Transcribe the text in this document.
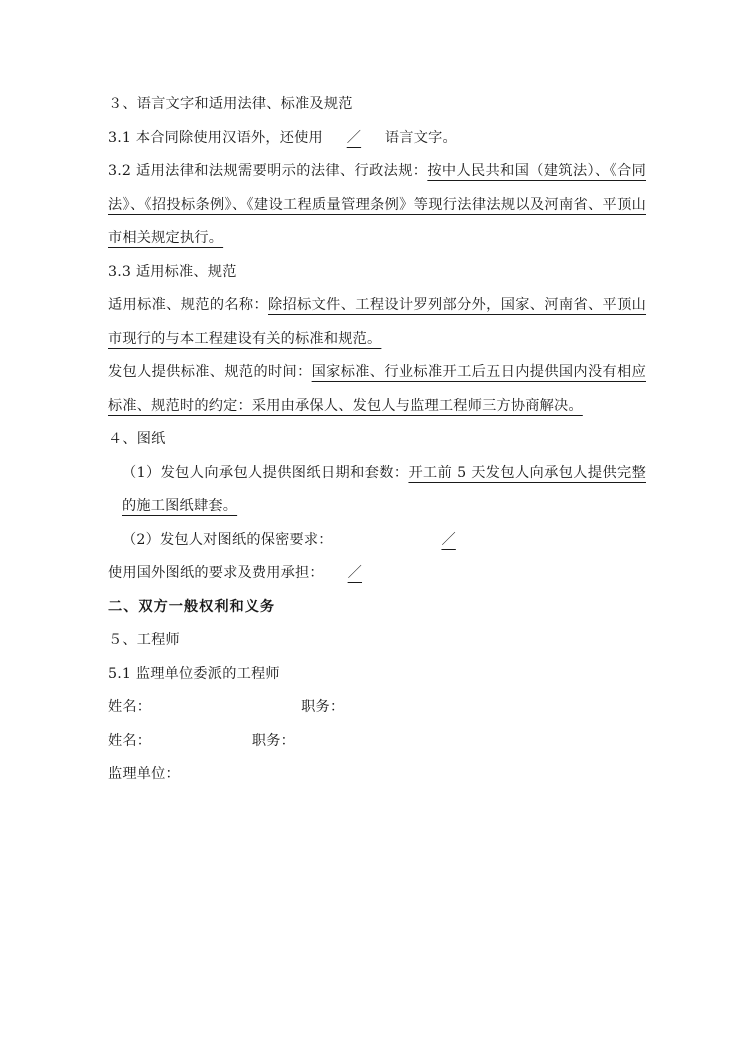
３、语言文字和适用法律、标准及规范

3.1 本合同除使用汉语外，还使用 ／ 语言文字。

3.2 适用法律和法规需要明示的法律、行政法规：按中人民共和国（建筑法）、《合同法》、《招投标条例》、《建设工程质量管理条例》等现行法律法规以及河南省、平顶山市相关规定执行。

3.3 适用标准、规范

适用标准、规范的名称：除招标文件、工程设计罗列部分外，国家、河南省、平顶山市现行的与本工程建设有关的标准和规范。

发包人提供标准、规范的时间：国家标准、行业标准开工后五日内提供国内没有相应标准、规范时的约定：采用由承保人、发包人与监理工程师三方协商解决。

４、图纸

（1）发包人向承包人提供图纸日期和套数：开工前 5 天发包人向承包人提供完整的施工图纸肆套。

（2）发包人对图纸的保密要求：	／

使用国外图纸的要求及费用承担： ／

二、双方一般权利和义务

５、工程师

5.1 监理单位委派的工程师

姓名：	职务：

姓名：	职务：

监理单位：
